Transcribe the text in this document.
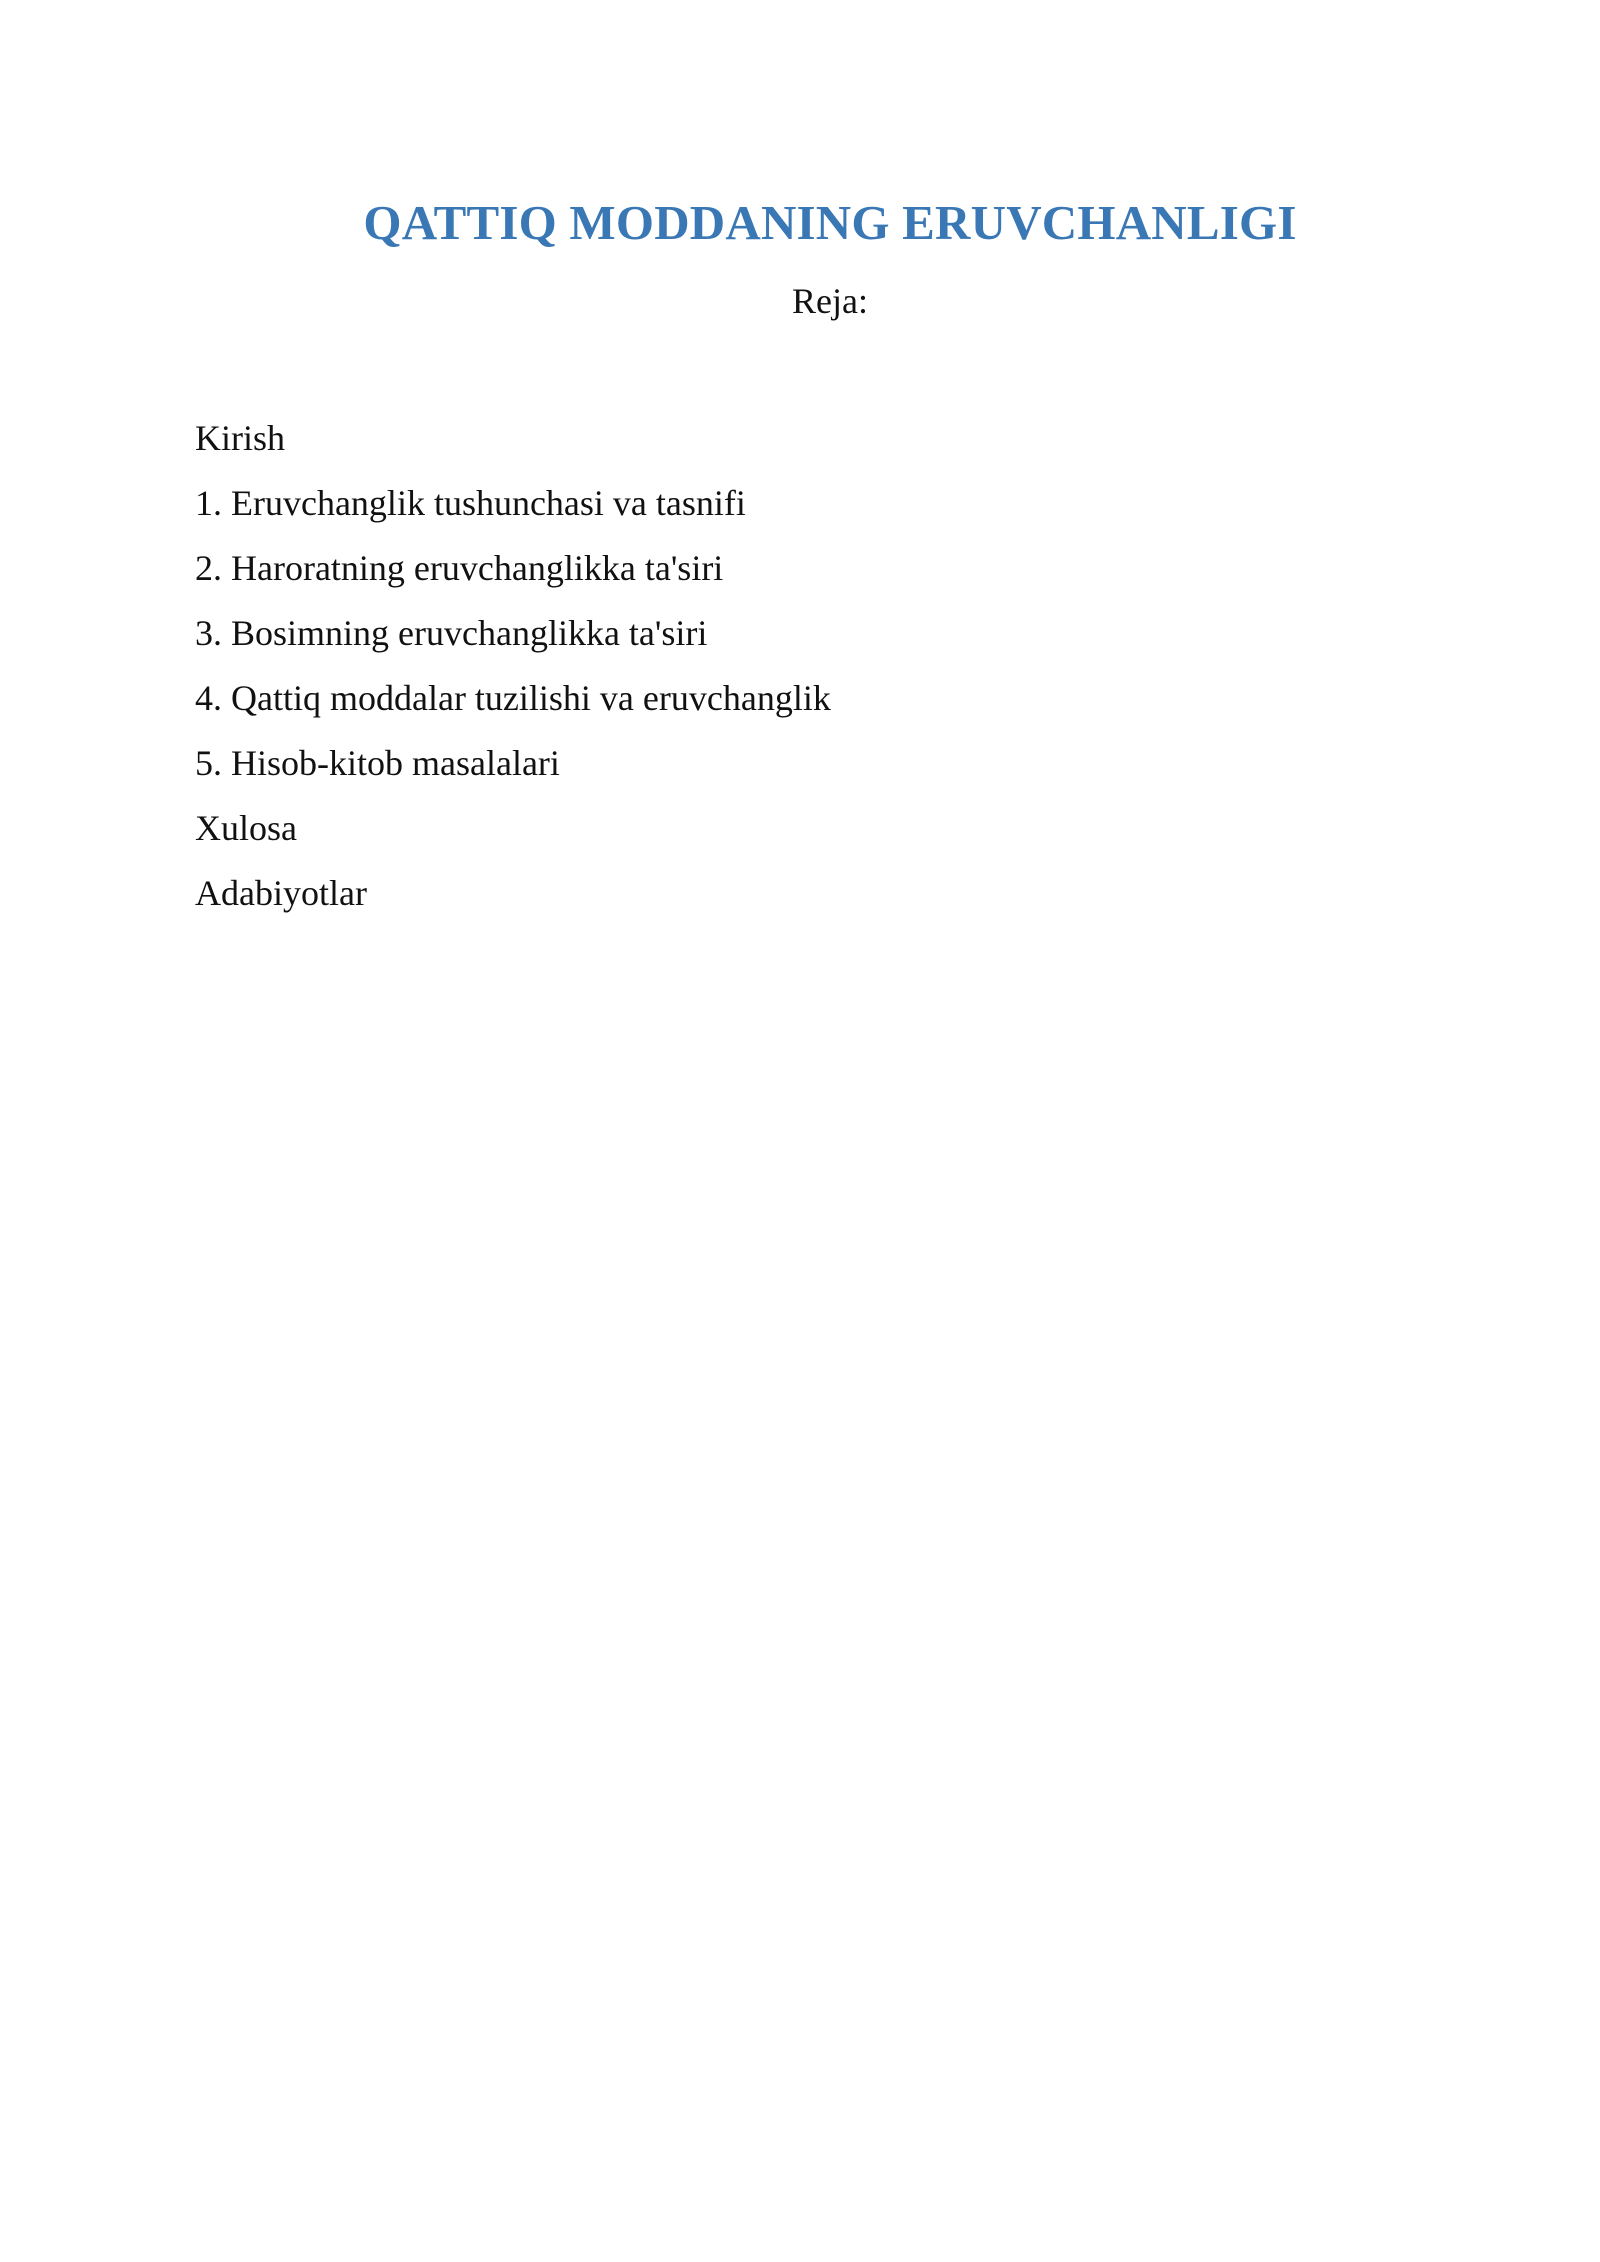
QATTIQ MODDANING ERUVCHANLIGI
Reja:
Kirish
1. Eruvchanglik tushunchasi va tasnifi
2. Haroratning eruvchanglikka ta'siri
3. Bosimning eruvchanglikka ta'siri
4. Qattiq moddalar tuzilishi va eruvchanglik
5. Hisob-kitob masalalari
Xulosa
Adabiyotlar
